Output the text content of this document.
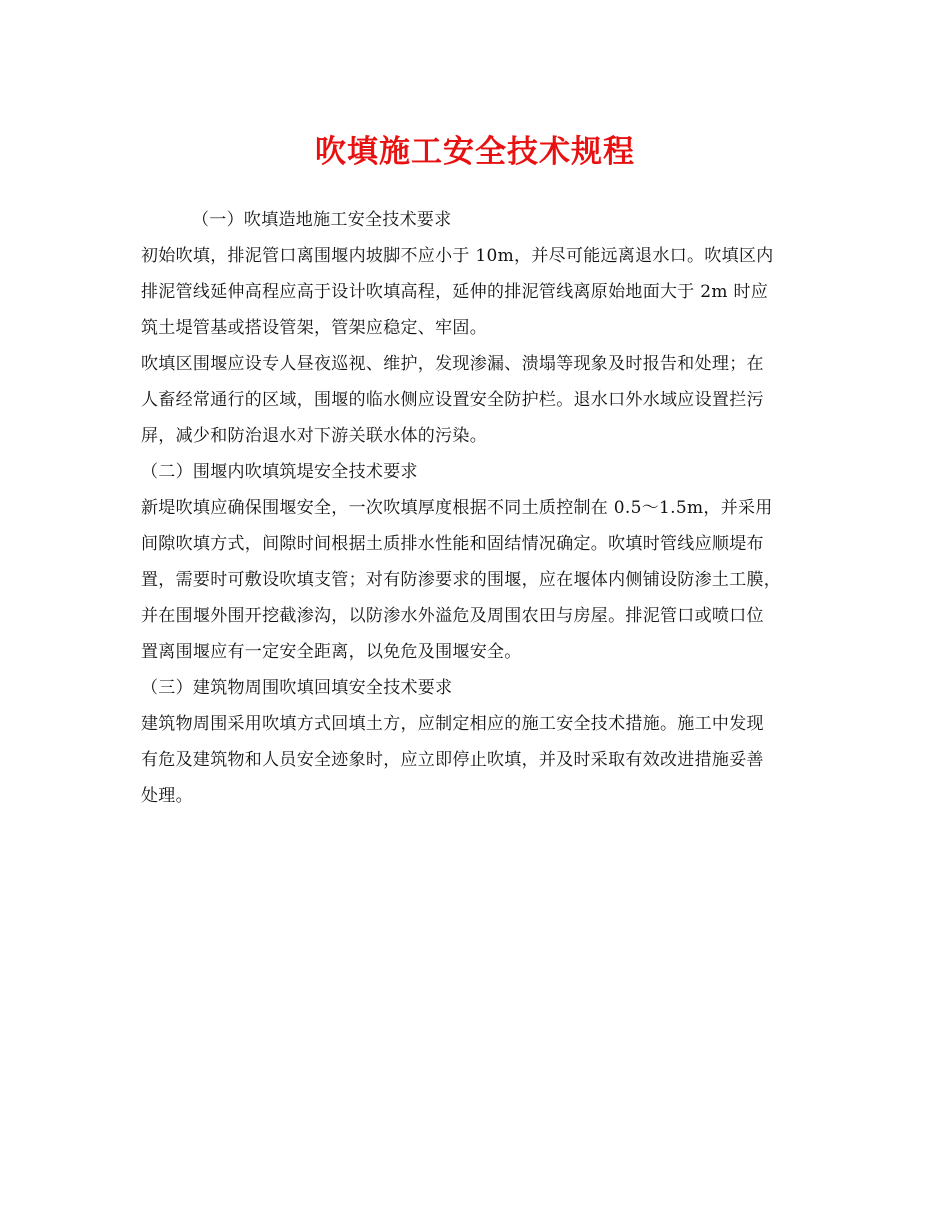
吹填施工安全技术规程
（一）吹填造地施工安全技术要求
初始吹填，排泥管口离围堰内坡脚不应小于 10m，并尽可能远离退水口。吹填区内
排泥管线延伸高程应高于设计吹填高程，延伸的排泥管线离原始地面大于 2m 时应
筑土堤管基或搭设管架，管架应稳定、牢固。
吹填区围堰应设专人昼夜巡视、维护，发现渗漏、溃塌等现象及时报告和处理；在
人畜经常通行的区域，围堰的临水侧应设置安全防护栏。退水口外水域应设置拦污
屏，减少和防治退水对下游关联水体的污染。
（二）围堰内吹填筑堤安全技术要求
新堤吹填应确保围堰安全，一次吹填厚度根据不同土质控制在 0.5～1.5m，并采用
间隙吹填方式，间隙时间根据土质排水性能和固结情况确定。吹填时管线应顺堤布
置，需要时可敷设吹填支管；对有防渗要求的围堰，应在堰体内侧铺设防渗土工膜，
并在围堰外围开挖截渗沟，以防渗水外溢危及周围农田与房屋。排泥管口或喷口位
置离围堰应有一定安全距离，以免危及围堰安全。
（三）建筑物周围吹填回填安全技术要求
建筑物周围采用吹填方式回填土方，应制定相应的施工安全技术措施。施工中发现
有危及建筑物和人员安全迹象时，应立即停止吹填，并及时采取有效改进措施妥善
处理。
